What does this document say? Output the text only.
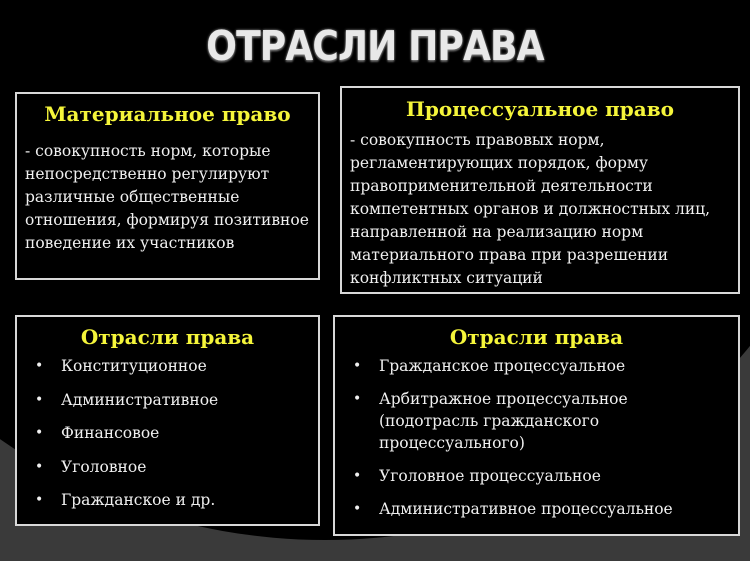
ОТРАСЛИ ПРАВА
Материальное право

- совокупность норм, которые непосредственно регулируют различные общественные отношения, формируя позитивное поведение их участников

Процессуальное право

- совокупность правовых норм, регламентирующих порядок, форму правоприменительной деятельности компетентных органов и должностных лиц, направленной на реализацию норм материального права при разрешении конфликтных ситуаций

Отрасли права
• Конституционное
• Административное
• Финансовое
• Уголовное
• Гражданское и др.
Отрасли права
• Гражданское процессуальное
• Арбитражное процессуальное (подотрасль гражданского процессуального)
• Уголовное процессуальное
• Административное процессуальное
